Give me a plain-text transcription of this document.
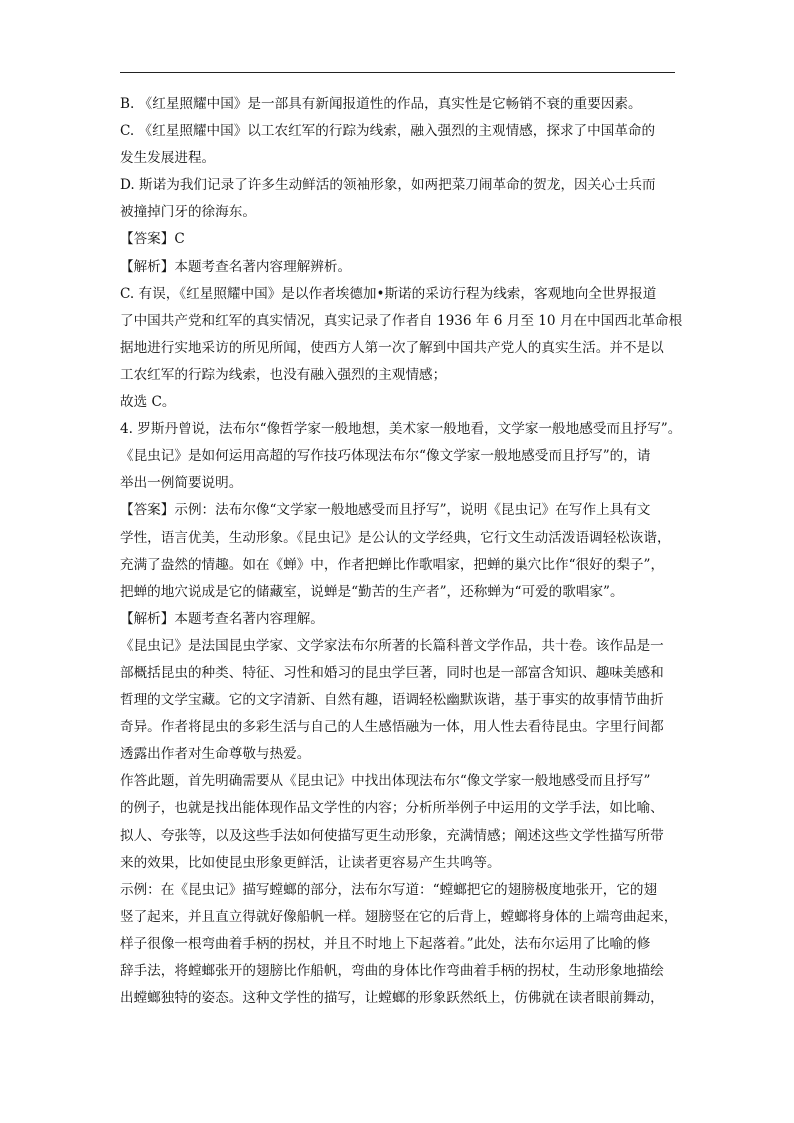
B. 《红星照耀中国》是一部具有新闻报道性的作品，真实性是它畅销不衰的重要因素。
C. 《红星照耀中国》以工农红军的行踪为线索，融入强烈的主观情感，探求了中国革命的
发生发展进程。
D. 斯诺为我们记录了许多生动鲜活的领袖形象，如两把菜刀闹革命的贺龙，因关心士兵而
被撞掉门牙的徐海东。
【答案】C
【解析】本题考查名著内容理解辨析。
C. 有误，《红星照耀中国》是以作者埃德加•斯诺的采访行程为线索，客观地向全世界报道
了中国共产党和红军的真实情况，真实记录了作者自 1936 年 6 月至 10 月在中国西北革命根
据地进行实地采访的所见所闻，使西方人第一次了解到中国共产党人的真实生活。并不是以
工农红军的行踪为线索，也没有融入强烈的主观情感；
故选 C。
4. 罗斯丹曾说，法布尔“像哲学家一般地想，美术家一般地看，文学家一般地感受而且抒写”。
《昆虫记》是如何运用高超的写作技巧体现法布尔“像文学家一般地感受而且抒写”的，请
举出一例简要说明。
【答案】示例：法布尔像“文学家一般地感受而且抒写”，说明《昆虫记》在写作上具有文
学性，语言优美，生动形象。《昆虫记》是公认的文学经典，它行文生动活泼语调轻松诙谐，
充满了盎然的情趣。如在《蝉》中，作者把蝉比作歌唱家，把蝉的巢穴比作“很好的梨子”，
把蝉的地穴说成是它的储藏室，说蝉是“勤苦的生产者”，还称蝉为“可爱的歌唱家”。
【解析】本题考查名著内容理解。
《昆虫记》是法国昆虫学家、文学家法布尔所著的长篇科普文学作品，共十卷。该作品是一
部概括昆虫的种类、特征、习性和婚习的昆虫学巨著，同时也是一部富含知识、趣味美感和
哲理的文学宝藏。它的文字清新、自然有趣，语调轻松幽默诙谐，基于事实的故事情节曲折
奇异。作者将昆虫的多彩生活与自己的人生感悟融为一体，用人性去看待昆虫。字里行间都
透露出作者对生命尊敬与热爱。
作答此题，首先明确需要从《昆虫记》中找出体现法布尔“像文学家一般地感受而且抒写”
的例子，也就是找出能体现作品文学性的内容；分析所举例子中运用的文学手法，如比喻、
拟人、夸张等，以及这些手法如何使描写更生动形象，充满情感；阐述这些文学性描写所带
来的效果，比如使昆虫形象更鲜活，让读者更容易产生共鸣等。
示例：在《昆虫记》描写螳螂的部分，法布尔写道：“螳螂把它的翅膀极度地张开，它的翅
竖了起来，并且直立得就好像船帆一样。翅膀竖在它的后背上，螳螂将身体的上端弯曲起来，
样子很像一根弯曲着手柄的拐杖，并且不时地上下起落着。”此处，法布尔运用了比喻的修
辞手法，将螳螂张开的翅膀比作船帆，弯曲的身体比作弯曲着手柄的拐杖，生动形象地描绘
出螳螂独特的姿态。这种文学性的描写，让螳螂的形象跃然纸上，仿佛就在读者眼前舞动，
